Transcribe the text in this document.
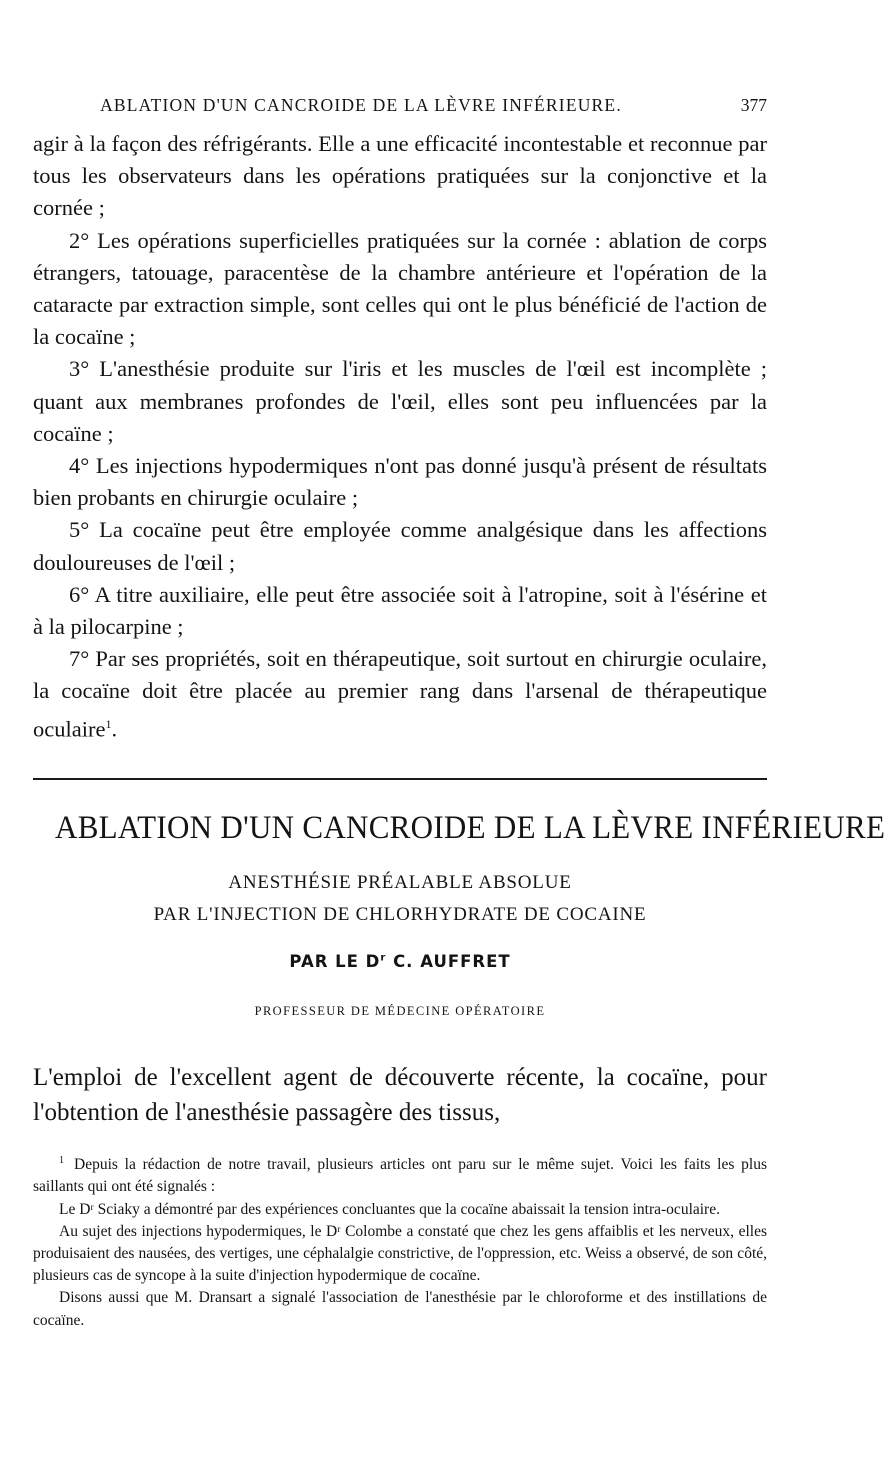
ABLATION D'UN CANCROIDE DE LA LÈVRE INFÉRIEURE.	377

agir à la façon des réfrigérants. Elle a une efficacité incontestable et reconnue par tous les observateurs dans les opérations pratiquées sur la conjonctive et la cornée ;

2° Les opérations superficielles pratiquées sur la cornée : ablation de corps étrangers, tatouage, paracentèse de la chambre antérieure et l'opération de la cataracte par extraction simple, sont celles qui ont le plus bénéficié de l'action de la cocaïne ;

3° L'anesthésie produite sur l'iris et les muscles de l'œil est incomplète ; quant aux membranes profondes de l'œil, elles sont peu influencées par la cocaïne ;

4° Les injections hypodermiques n'ont pas donné jusqu'à présent de résultats bien probants en chirurgie oculaire ;

5° La cocaïne peut être employée comme analgésique dans les affections douloureuses de l'œil ;

6° A titre auxiliaire, elle peut être associée soit à l'atropine, soit à l'ésérine et à la pilocarpine ;

7° Par ses propriétés, soit en thérapeutique, soit surtout en chirurgie oculaire, la cocaïne doit être placée au premier rang dans l'arsenal de thérapeutique oculaire$^1$.

ABLATION D'UN CANCROIDE DE LA LÈVRE INFÉRIEURE
ANESTHÉSIE PRÉALABLE ABSOLUE
PAR L'INJECTION DE CHLORHYDRATE DE COCAINE
PAR LE $D^r$ C. AUFFRET
PROFESSEUR DE MÉDECINE OPÉRATOIRE

L'emploi de l'excellent agent de découverte récente, la cocaïne, pour l'obtention de l'anesthésie passagère des tissus,

$^1$ Depuis la rédaction de notre travail, plusieurs articles ont paru sur le même sujet. Voici les faits les plus saillants qui ont été signalés :

Le Dʳ Sciaky a démontré par des expériences concluantes que la cocaïne abaissait la tension intra-oculaire.

Au sujet des injections hypodermiques, le Dʳ Colombe a constaté que chez les gens affaiblis et les nerveux, elles produisaient des nausées, des vertiges, une céphalalgie constrictive, de l'oppression, etc. Weiss a observé, de son côté, plusieurs cas de syncope à la suite d'injection hypodermique de cocaïne.

Disons aussi que M. Dransart a signalé l'association de l'anesthésie par le chloroforme et des instillations de cocaïne.
